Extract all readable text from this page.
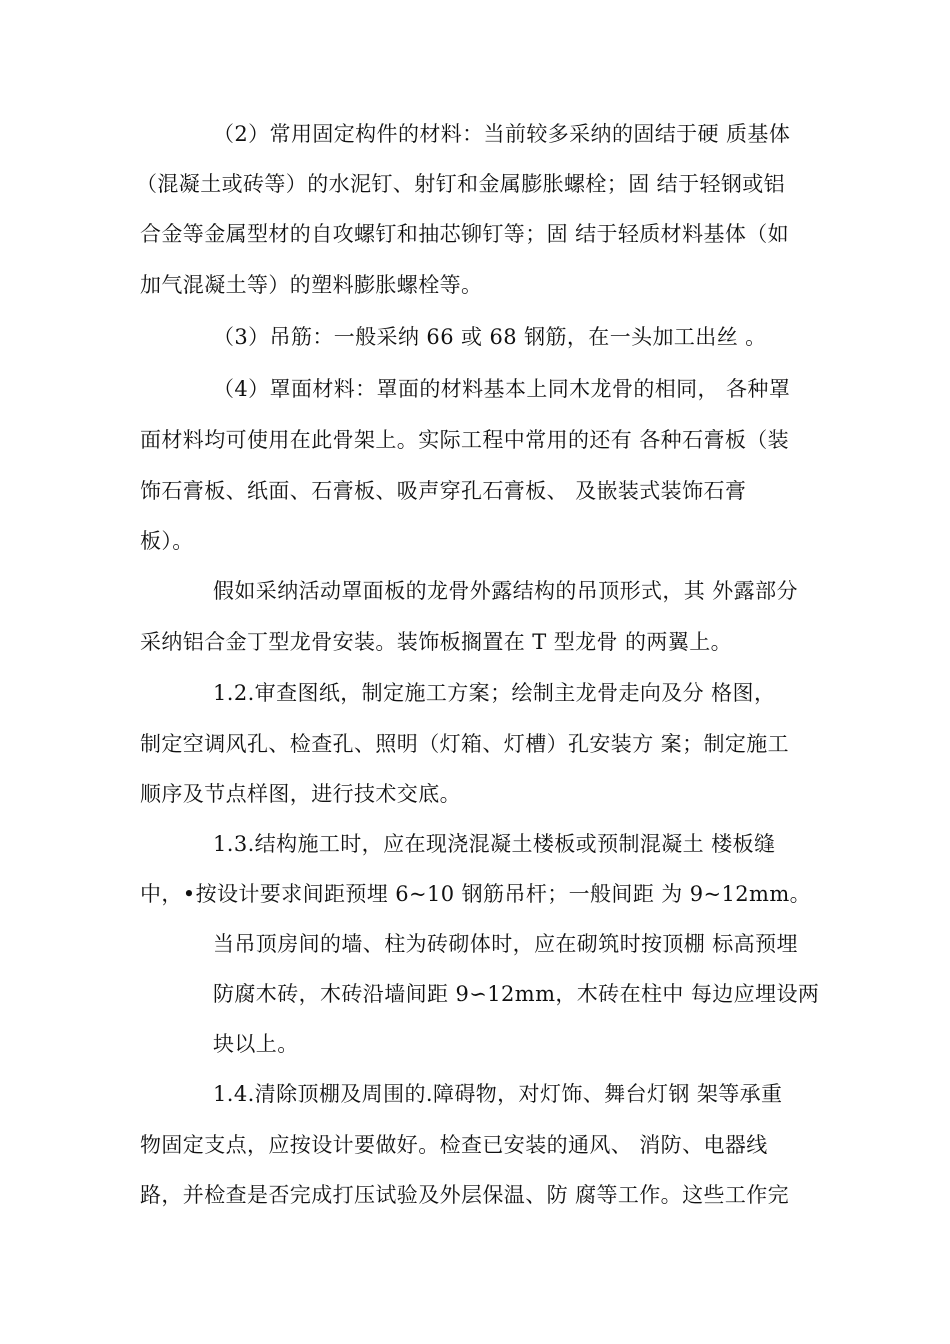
（2）常用固定构件的材料：当前较多采纳的固结于硬 质基体
（混凝土或砖等）的水泥钉、射钉和金属膨胀螺栓；固 结于轻钢或铝
合金等金属型材的自攻螺钉和抽芯铆钉等；固 结于轻质材料基体（如
加气混凝土等）的塑料膨胀螺栓等。
（3）吊筋：一般采纳 66 或 68 钢筋，在一头加工出丝 。
（4）罩面材料：罩面的材料基本上同木龙骨的相同， 各种罩
面材料均可使用在此骨架上。实际工程中常用的还有 各种石膏板（装
饰石膏板、纸面、石膏板、吸声穿孔石膏板、 及嵌装式装饰石膏
板）。
假如采纳活动罩面板的龙骨外露结构的吊顶形式，其 外露部分
采纳铝合金丁型龙骨安装。装饰板搁置在 T 型龙骨 的两翼上。
1.2.审查图纸，制定施工方案；绘制主龙骨走向及分 格图，
制定空调风孔、检查孔、照明（灯箱、灯槽）孔安装方 案；制定施工
顺序及节点样图，进行技术交底。
1.3.结构施工时，应在现浇混凝土楼板或预制混凝土 楼板缝
中，•按设计要求间距预埋 6~10 钢筋吊杆；一般间距 为 9~12mm。
当吊顶房间的墙、柱为砖砌体时，应在砌筑时按顶棚 标高预埋
防腐木砖，木砖沿墙间距 9∽12mm，木砖在柱中 每边应埋设两
块以上。
1.4.清除顶棚及周围的.障碍物，对灯饰、舞台灯钢 架等承重
物固定支点，应按设计要做好。检查已安装的通风、 消防、电器线
路，并检查是否完成打压试验及外层保温、防 腐等工作。这些工作完
